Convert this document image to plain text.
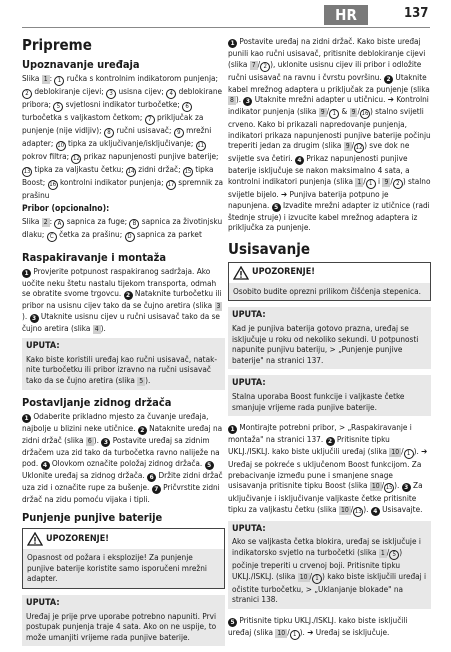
HR	137
Pripreme
Upoznavanje uređaja

Slika 1 : 1 ručka s kontrolnim indikatorom punjenja; 2 deblokiranje cijevi; 3 usisna cijev; 4 deblokirane pribora; 5 svjetlosni indikator turbočetke; 6 turbočetka s valjkastom četkom; 7 priključak za punjenje (nije vidljiv); 8 ručni usisavač; 9 mrežni adapter; 10 tipka za uključivanje/isključivanje; 11 pokrov filtra; 12 prikaz napunjenosti punjive baterije; 13 tipka za valjkastu četku; 14 zidni držač; 15 tipka Boost; 16 kontrolni indikator punjenja; 17 spremnik za prašinu

Pribor (opcionalno):

Slika 2 : A sapnica za fuge; B sapnica za životinjsku dlaku; C četka za prašinu; D sapnica za parket

Raspakiravanje i montaža

1 Provjerite potpunost raspakiranog sadržaja. Ako uočite neku štetu nastalu tijekom transporta, odmah se obratite svome trgovcu. 2 Nataknite turbočetku ili pribor na usisnu cijev tako da se čujno aretira (slika 3). 3 Utaknite usisnu cijev u ručni usisavač tako da se čujno aretira (slika 4 ).

UPUTA:
Kako biste koristili uređaj kao ručni usisavač, nataknite turbočetku ili pribor izravno na ručni usisavač tako da se čujno aretira (slika 5 ).
Postavljanje zidnog držača

1 Odaberite prikladno mjesto za čuvanje uređaja, najbolje u blizini neke utičnice. 2 Nataknite uređaj na zidni držač (slika 6 ). 3 Postavite uređaj sa zidnim držačem uza zid tako da turbočetka ravno naliježe na pod. 4 Olovkom označite položaj zidnog držača. 5 Uklonite uređaj sa zidnog držača. 6 Držite zidni držač uza zid i označite rupe za bušenje. 7 Pričvrstite zidni držač na zidu pomoću vijaka i tipli.

Punjenje punjive baterije
UPOZORENJE!
Opasnost od požara i eksplozije! Za punjenje punjive baterije koristite samo isporučeni mrežni adapter.
UPUTA:
Uređaj je prije prve uporabe potrebno napuniti. Prvi postupak punjenja traje 4 sata. Ako on ne uspije, to može umanjiti vrijeme rada punjive baterije.

1 Postavite uređaj na zidni držač. Kako biste uređaj punili kao ručni usisavač, pritisnite deblokiranje cijevi (slika 7 / 2 ), uklonite usisnu cijev ili pribor i odložite ručni usisavač na ravnu i čvrstu površinu. 2 Utaknite kabel mrežnog adaptera u priključak za punjenje (slika 8 ). 3 Utaknite mrežni adapter u utičnicu. ➔ Kontrolni indikator punjenja (slika 9 / 1 & 9 / 16 ) stalno svijetli crveno. Kako bi prikazali napredovanje punjenja, indikatori prikaza napunjenosti punjive baterije počinju treperiti jedan za drugim (slika 9 / 12 ) sve dok ne svijetle sva četiri. 4 Prikaz napunjenosti punjive baterije isključuje se nakon maksimalno 4 sata, a kontrolni indikatori punjenja (slika 1 / 1 i 9 / 2 ) stalno svijetle bijelo. ➔ Punjiva baterija potpuno je napunjena. 5 Izvadite mrežni adapter iz utičnice (radi štednje struje) i izvucite kabel mrežnog adaptera iz priključka za punjenje.

Usisavanje
UPOZORENJE!
Osobito budite oprezni prilikom čišćenja stepenica.
UPUTA:
Kad je punjiva baterija gotovo prazna, uređaj se isključuje u roku od nekoliko sekundi. U potpunosti napunite punjivu bateriju, > „Punjenje punjive baterije" na stranici 137.
UPUTA:
Stalna uporaba Boost funkcije i valjkaste četke smanjuje vrijeme rada punjive baterije.

1 Montirajte potrebni pribor, > „Raspakiravanje i montaža" na stranici 137. 2 Pritisnite tipku UKLJ./ISKLJ. kako biste uključili uređaj (slika 10 / 1 ). ➔ Uređaj se pokreće s uključenom Boost funkcijom. Za prebacivanje između pune i smanjene snage usisavanja pritisnite tipku Boost (slika 10 / 15 ). 3 Za uključivanje i isključivanje valjkaste četke pritisnite tipku za valjkastu četku (slika 10 / 13 ). 4 Usisavajte.

UPUTA:
Ako se valjkasta četka blokira, uređaj se isključuje i indikatorsko svjetlo na turbočetki (slika 1 / 5 ) počinje treperiti u crvenoj boji. Pritisnite tipku UKLJ./ISKLJ. (slika 10 / 1 ) kako biste isključili uređaj i očistite turbočetku, > „Uklanjanje blokade" na stranici 138.

5 Pritisnite tipku UKLJ./ISKLJ. kako biste isključili uređaj (slika 10 / 1 ). ➔ Uređaj se isključuje.
